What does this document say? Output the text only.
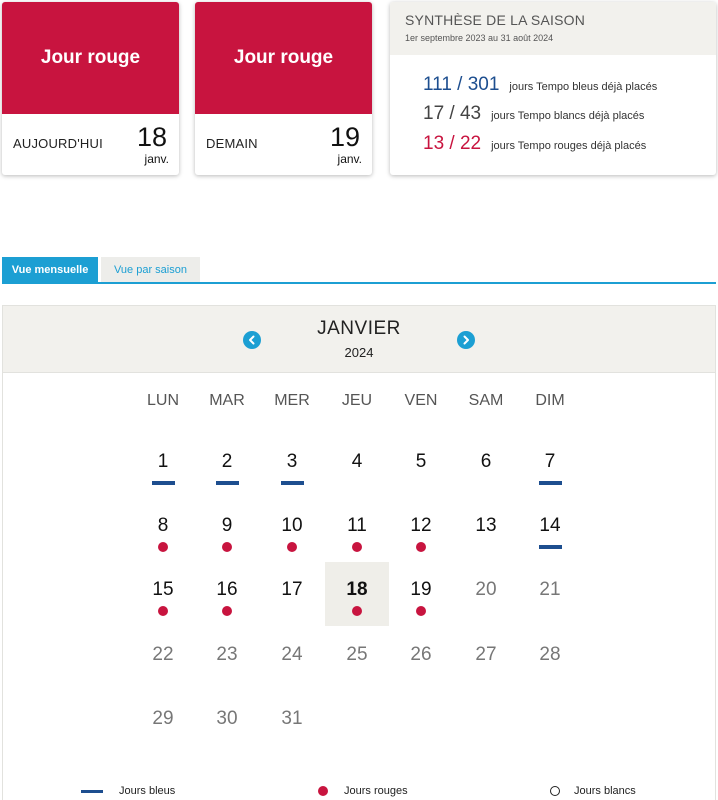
Jour rouge
AUJOURD'HUI 18
janv.
Jour rouge
DEMAIN	19
janv.
SYNTHÈSE DE LA SAISON
1er septembre 2023 au 31 août 2024
111 / 301 jours Tempo bleus déjà placés
17 / 43 jours Tempo blancs déjà placés
13 / 22 jours Tempo rouges déjà placés
Vue mensuelle	Vue par saison
JANVIER
2024
LUN	MAR	MER	JEU	VEN	SAM	DIM
1	2	3	4	5	6	7
8	9	10	11	12	13	14
15	16	17	18	19	20	21
22	23	24	25	26	27	28
29	30	31
Jours bleus	Jours rouges	Jours blancs
